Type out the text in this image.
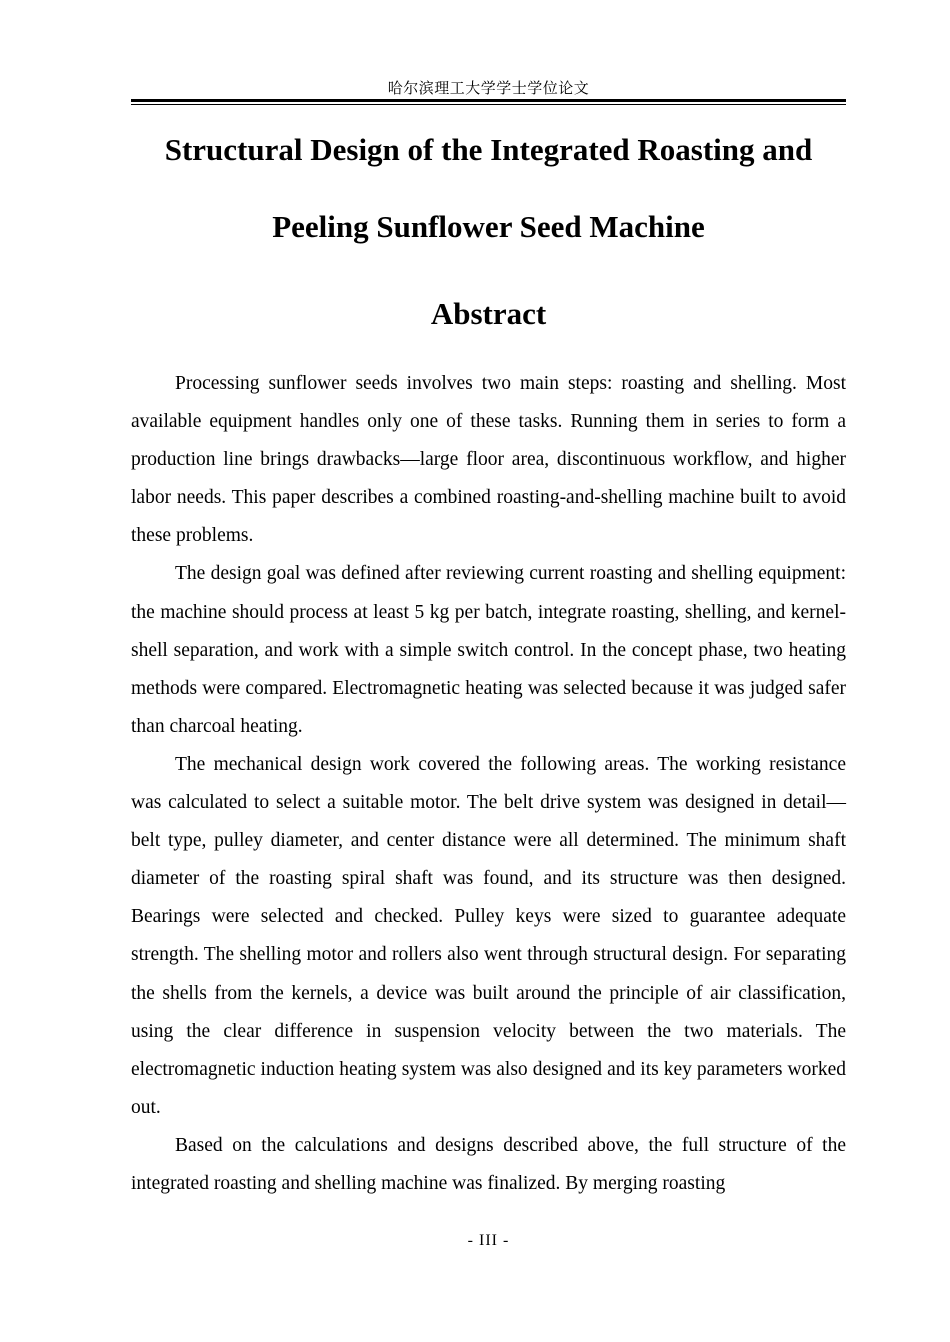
哈尔滨理工大学学士学位论文
Structural Design of the Integrated Roasting and
Peeling Sunflower Seed Machine
Abstract

Processing sunflower seeds involves two main steps: roasting and shelling. Most available equipment handles only one of these tasks. Running them in series to form a production line brings drawbacks—large floor area, discontinuous workflow, and higher labor needs. This paper describes a combined roasting-and-shelling machine built to avoid these problems.

The design goal was defined after reviewing current roasting and shelling equipment: the machine should process at least 5 kg per batch, integrate roasting, shelling, and kernel-shell separation, and work with a simple switch control. In the concept phase, two heating methods were compared. Electromagnetic heating was selected because it was judged safer than charcoal heating.

The mechanical design work covered the following areas. The working resistance was calculated to select a suitable motor. The belt drive system was designed in detail—belt type, pulley diameter, and center distance were all determined. The minimum shaft diameter of the roasting spiral shaft was found, and its structure was then designed. Bearings were selected and checked. Pulley keys were sized to guarantee adequate strength. The shelling motor and rollers also went through structural design. For separating the shells from the kernels, a device was built around the principle of air classification, using the clear difference in suspension velocity between the two materials. The electromagnetic induction heating system was also designed and its key parameters worked out.

Based on the calculations and designs described above, the full structure of the integrated roasting and shelling machine was finalized. By merging roasting

- III -
